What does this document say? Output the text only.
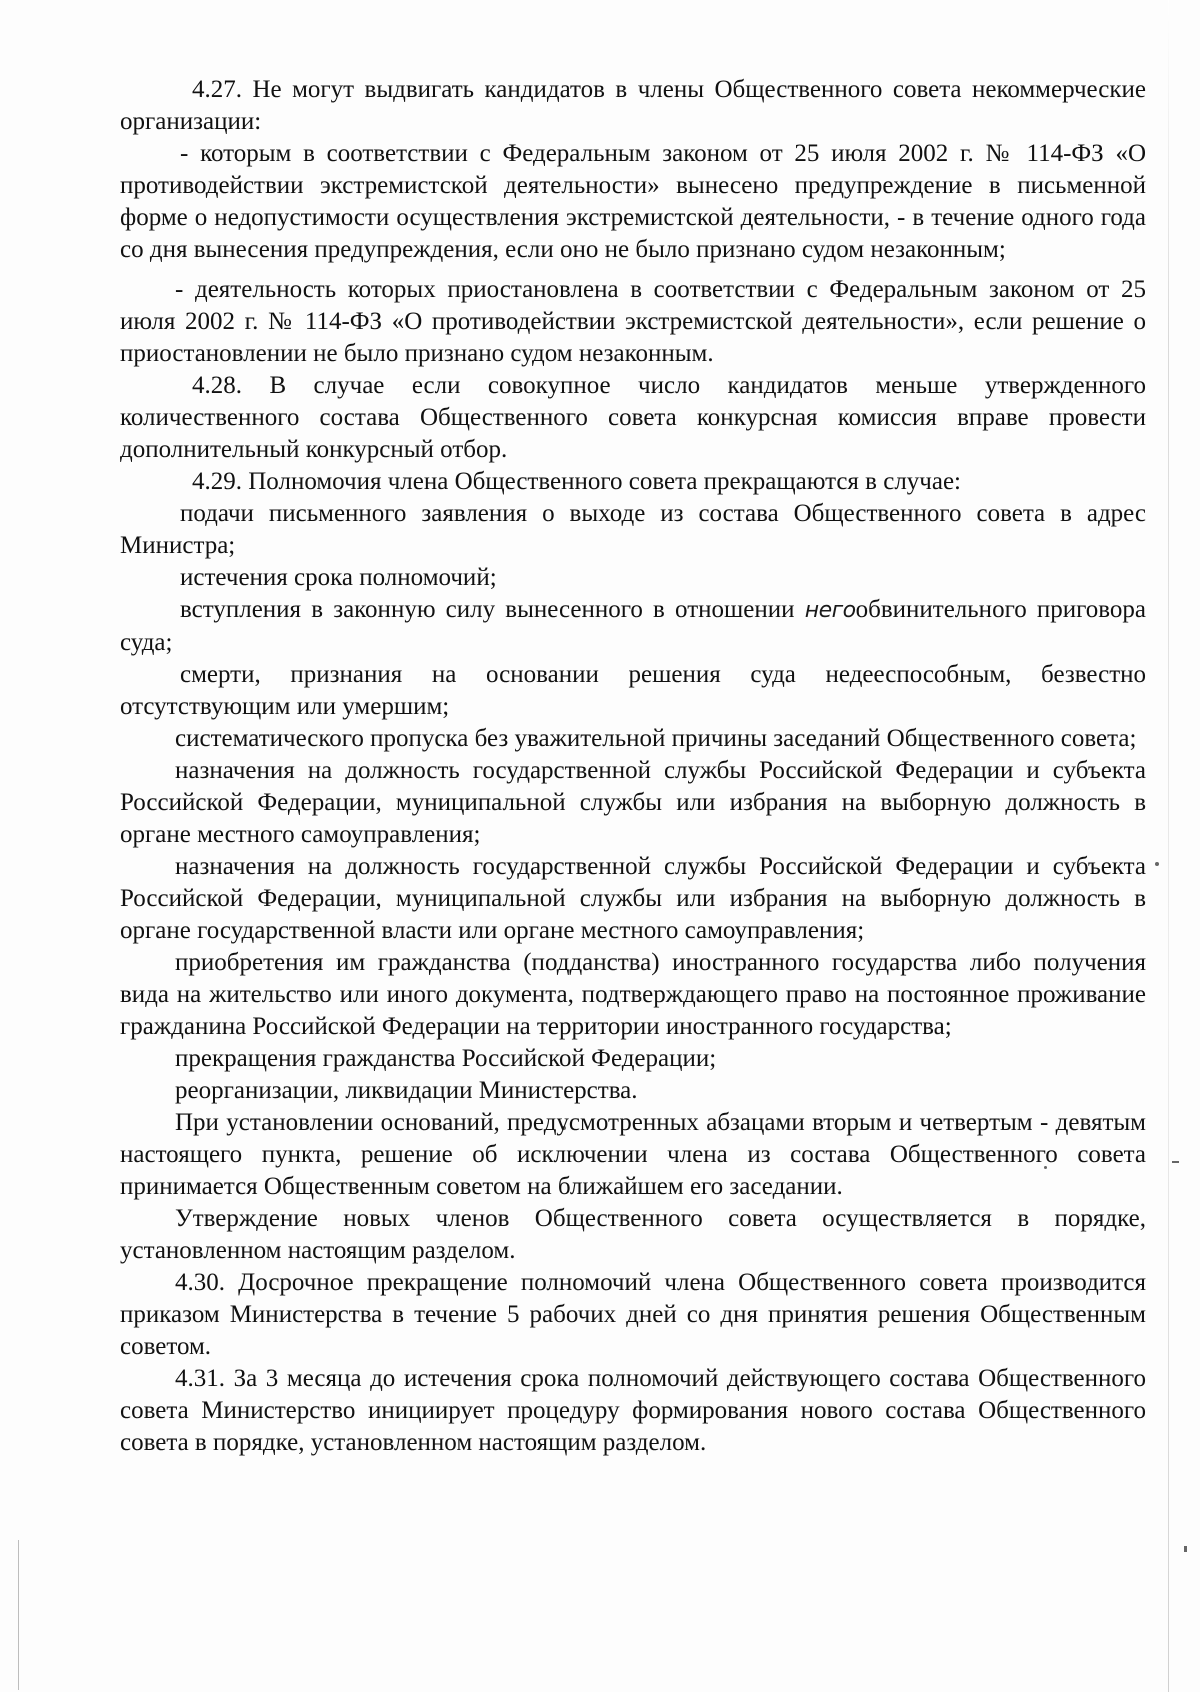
4.27. Не могут выдвигать кандидатов в члены Общественного совета некоммерческие организации:

- которым в соответствии с Федеральным законом от 25 июля 2002 г. № 114-ФЗ «О противодействии экстремистской деятельности» вынесено предупреждение в письменной форме о недопустимости осуществления экстремистской деятельности, - в течение одного года со дня вынесения предупреждения, если оно не было признано судом незаконным;

- деятельность которых приостановлена в соответствии с Федеральным законом от 25 июля 2002 г. № 114-ФЗ «О противодействии экстремистской деятельности», если решение о приостановлении не было признано судом незаконным.

4.28. В случае если совокупное число кандидатов меньше утвержденного количественного состава Общественного совета конкурсная комиссия вправе провести дополнительный конкурсный отбор.

4.29. Полномочия члена Общественного совета прекращаются в случае:

подачи письменного заявления о выходе из состава Общественного совета в адрес Министра;

истечения срока полномочий;

вступления в законную силу вынесенного в отношении негообвинительного приговора суда;

смерти, признания на основании решения суда недееспособным, безвестно отсутствующим или умершим;

систематического пропуска без уважительной причины заседаний Общественного совета;

назначения на должность государственной службы Российской Федерации и субъекта Российской Федерации, муниципальной службы или избрания на выборную должность в органе местного самоуправления;

назначения на должность государственной службы Российской Федерации и субъекта Российской Федерации, муниципальной службы или избрания на выборную должность в органе государственной власти или органе местного самоуправления;

приобретения им гражданства (подданства) иностранного государства либо получения вида на жительство или иного документа, подтверждающего право на постоянное проживание гражданина Российской Федерации на территории иностранного государства;

прекращения гражданства Российской Федерации;

реорганизации, ликвидации Министерства.

При установлении оснований, предусмотренных абзацами вторым и четвертым - девятым настоящего пункта, решение об исключении члена из состава Общественного совета принимается Общественным советом на ближайшем его заседании.

Утверждение новых членов Общественного совета осуществляется в порядке, установленном настоящим разделом.

4.30. Досрочное прекращение полномочий члена Общественного совета производится приказом Министерства в течение 5 рабочих дней со дня принятия решения Общественным советом.

4.31. За 3 месяца до истечения срока полномочий действующего состава Общественного совета Министерство инициирует процедуру формирования нового состава Общественного совета в порядке, установленном настоящим разделом.
